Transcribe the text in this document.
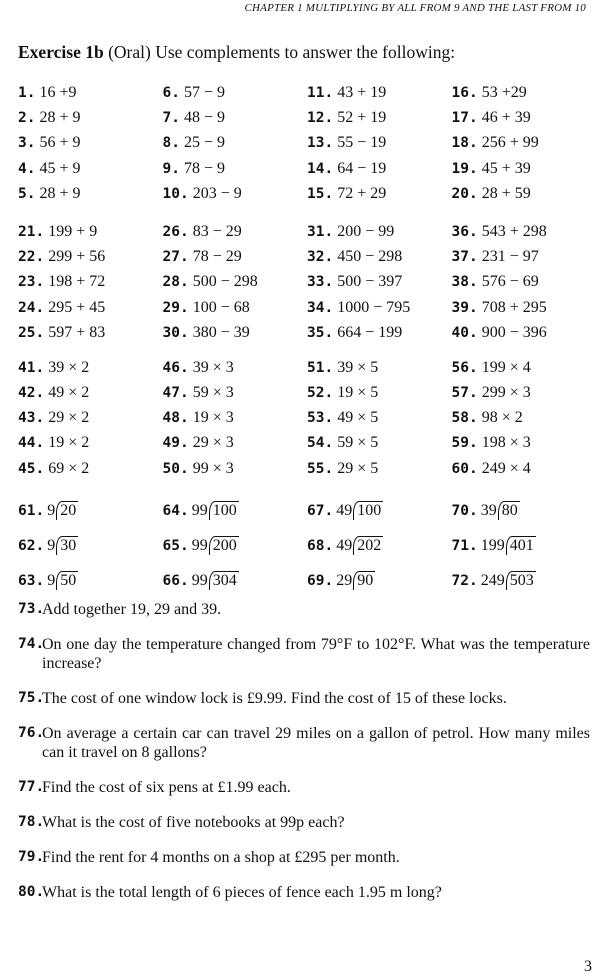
CHAPTER 1 MULTIPLYING BY ALL FROM 9 AND THE LAST FROM 10
Exercise 1b (Oral) Use complements to answer the following:
1. 16 +9	6. 57 − 9	11. 43 + 19	16. 53 +29
2. 28 + 9	7. 48 − 9	12. 52 + 19	17. 46 + 39
3. 56 + 9	8. 25 − 9	13. 55 − 19	18. 256 + 99
4. 45 + 9	9. 78 − 9	14. 64 − 19	19. 45 + 39
5. 28 + 9	10. 203 − 9	15. 72 + 29	20. 28 + 59
21. 199 + 9	26. 83 − 29	31. 200 − 99	36. 543 + 298
22. 299 + 56	27. 78 − 29	32. 450 − 298	37. 231 − 97
23. 198 + 72	28. 500 − 298	33. 500 − 397	38. 576 − 69
24. 295 + 45	29. 100 − 68	34. 1000 − 795	39. 708 + 295
25. 597 + 83	30. 380 − 39	35. 664 − 199	40. 900 − 396
41. 39 × 2	46. 39 × 3	51. 39 × 5	56. 199 × 4
42. 49 × 2	47. 59 × 3	52. 19 × 5	57. 299 × 3
43. 29 × 2	48. 19 × 3	53. 49 × 5	58. 98 × 2
44. 19 × 2	49. 29 × 3	54. 59 × 5	59. 198 × 3
45. 69 × 2	50. 99 × 3	55. 29 × 5	60. 249 × 4
61. 9 20	64. 99 100	67. 49 100	70. 39 80
62. 9 30	65. 99 200	68. 49 202	71. 199 401
63. 9 50	66. 99 304	69. 29 90	72. 249 503
73.
Add together 19, 29 and 39.
74.
On one day the temperature changed from 79°F to 102°F. What was the temperature increase?
75.
The cost of one window lock is £9.99. Find the cost of 15 of these locks.
76.
On average a certain car can travel 29 miles on a gallon of petrol. How many miles can it travel on 8 gallons?
77.
Find the cost of six pens at £1.99 each.
78.
What is the cost of five notebooks at 99p each?
79.
Find the rent for 4 months on a shop at £295 per month.
80.
What is the total length of 6 pieces of fence each 1.95 m long?
3
